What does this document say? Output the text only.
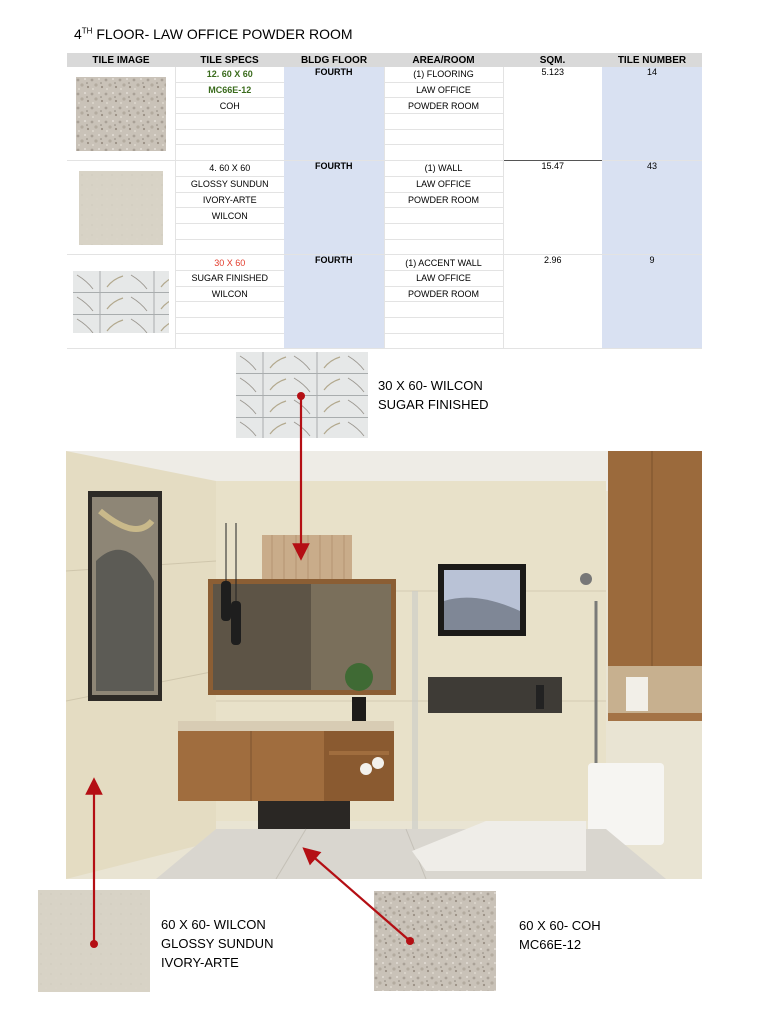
4TH FLOOR- LAW OFFICE POWDER ROOM
TILE IMAGE	TILE SPECS	BLDG FLOOR	AREA/ROOM	SQM.	TILE NUMBER

	12. 60 X 60	FOURTH	(1) FLOORING	5.123	14
	MC66E-12		LAW OFFICE		
	COH		POWDER ROOM		

	4. 60 X 60	FOURTH	(1) WALL	15.47	43
	GLOSSY SUNDUN		LAW OFFICE		
	IVORY-ARTE		POWDER ROOM		
	WILCON				

	30 X 60	FOURTH	(1) ACCENT WALL	2.96	9
	SUGAR FINISHED		LAW OFFICE		
	WILCON		POWDER ROOM		

30 X 60- WILCON
SUGAR FINISHED
60 X 60- WILCON
GLOSSY SUNDUN
IVORY-ARTE
60 X 60- COH
MC66E-12
